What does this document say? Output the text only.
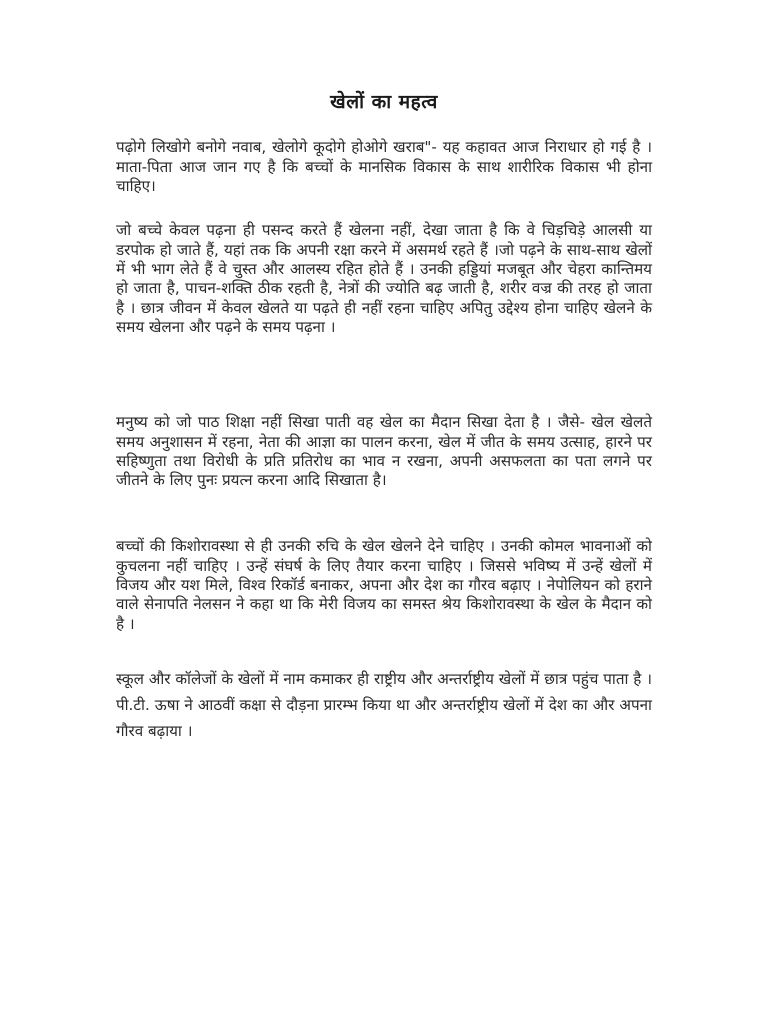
खेलों का महत्व

पढ़ोगे लिखोगे बनोगे नवाब, खेलोगे कूदोगे होओगे खराब"- यह कहावत आज निराधार हो गई है । माता-पिता आज जान गए है कि बच्चों के मानसिक विकास के साथ शारीरिक विकास भी होना चाहिए।

जो बच्चे केवल पढ़ना ही पसन्द करते हैं खेलना नहीं, देखा जाता है कि वे चिड़चिड़े आलसी या डरपोक हो जाते हैं, यहां तक कि अपनी रक्षा करने में असमर्थ रहते हैं ।जो पढ़ने के साथ-साथ खेलों में भी भाग लेते हैं वे चुस्त और आलस्य रहित होते हैं । उनकी हड्डियां मजबूत और चेहरा कान्तिमय हो जाता है, पाचन-शक्ति ठीक रहती है, नेत्रों की ज्योति बढ़ जाती है, शरीर वज्र की तरह हो जाता है । छात्र जीवन में केवल खेलते या पढ़ते ही नहीं रहना चाहिए अपितु उद्देश्य होना चाहिए खेलने के समय खेलना और पढ़ने के समय पढ़ना ।

मनुष्य को जो पाठ शिक्षा नहीं सिखा पाती वह खेल का मैदान सिखा देता है । जैसे- खेल खेलते समय अनुशासन में रहना, नेता की आज्ञा का पालन करना, खेल में जीत के समय उत्साह, हारने पर सहिष्णुता तथा विरोधी के प्रति प्रतिरोध का भाव न रखना, अपनी असफलता का पता लगने पर जीतने के लिए पुनः प्रयत्न करना आदि सिखाता है।

बच्चों की किशोरावस्था से ही उनकी रुचि के खेल खेलने देने चाहिए । उनकी कोमल भावनाओं को कुचलना नहीं चाहिए । उन्हें संघर्ष के लिए तैयार करना चाहिए । जिससे भविष्य में उन्हें खेलों में विजय और यश मिले, विश्व रिकॉर्ड बनाकर, अपना और देश का गौरव बढ़ाए । नेपोलियन को हराने वाले सेनापति नेलसन ने कहा था कि मेरी विजय का समस्त श्रेय किशोरावस्था के खेल के मैदान को है ।

स्कूल और कॉलेजों के खेलों में नाम कमाकर ही राष्ट्रीय और अन्तर्राष्ट्रीय खेलों में छात्र पहुंच पाता है । पी.टी. ऊषा ने आठवीं कक्षा से दौड़ना प्रारम्भ किया था और अन्तर्राष्ट्रीय खेलों में देश का और अपना गौरव बढ़ाया ।
